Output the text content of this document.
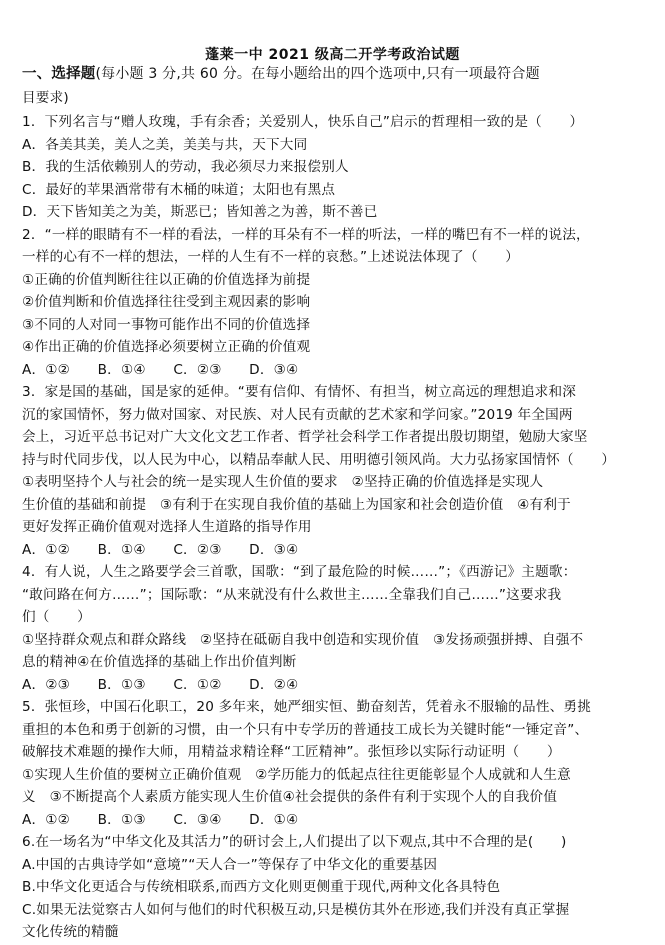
蓬莱一中 2021 级高二开学考政治试题
一、选择题(每小题 3 分,共 60 分。在每小题给出的四个选项中,只有一项最符合题
目要求)
1．下列名言与“赠人玫瑰，手有余香；关爱别人，快乐自己”启示的哲理相一致的是（　　）
A．各美其美，美人之美，美美与共，天下大同
B．我的生活依赖别人的劳动，我必须尽力来报偿别人
C．最好的苹果酒常带有木桶的味道；太阳也有黑点
D．天下皆知美之为美，斯恶已；皆知善之为善，斯不善已
2．“一样的眼睛有不一样的看法，一样的耳朵有不一样的听法，一样的嘴巴有不一样的说法，
一样的心有不一样的想法，一样的人生有不一样的哀愁。”上述说法体现了（　　）
①正确的价值判断往往以正确的价值选择为前提
②价值判断和价值选择往往受到主观因素的影响
③不同的人对同一事物可能作出不同的价值选择
④作出正确的价值选择必须要树立正确的价值观
A．①②　　B．①④　　C．②③　　D．③④
3．家是国的基础，国是家的延伸。“要有信仰、有情怀、有担当，树立高远的理想追求和深
沉的家国情怀，努力做对国家、对民族、对人民有贡献的艺术家和学问家。”2019 年全国两
会上，习近平总书记对广大文化文艺工作者、哲学社会科学工作者提出殷切期望，勉励大家坚
持与时代同步伐，以人民为中心，以精品奉献人民、用明德引领风尚。大力弘扬家国情怀（　　）
①表明坚持个人与社会的统一是实现人生价值的要求　②坚持正确的价值选择是实现人
生价值的基础和前提　③有利于在实现自我价值的基础上为国家和社会创造价值　④有利于
更好发挥正确价值观对选择人生道路的指导作用
A．①②　　B．①④　　C．②③　　D．③④
4．有人说，人生之路要学会三首歌，国歌：“到了最危险的时候……”；《西游记》主题歌：
“敢问路在何方……”；国际歌：“从来就没有什么救世主……全靠我们自己……”这要求我
们（　　）
①坚持群众观点和群众路线　②坚持在砥砺自我中创造和实现价值　③发扬顽强拼搏、自强不
息的精神④在价值选择的基础上作出价值判断
A．②③　　B．①③　　C．①②　　D．②④
5．张恒珍，中国石化职工，20 多年来，她严细实恒、勤奋刻苦，凭着永不服输的品性、勇挑
重担的本色和勇于创新的习惯，由一个只有中专学历的普通技工成长为关键时能“一锤定音”、
破解技术难题的操作大师，用精益求精诠释“工匠精神”。张恒珍以实际行动证明（　　）
①实现人生价值的要树立正确价值观　②学历能力的低起点往往更能彰显个人成就和人生意
义　③不断提高个人素质方能实现人生价值④社会提供的条件有利于实现个人的自我价值
A．①②　　B．①③　　C．③④　　D．①④
6.在一场名为“中华文化及其活力”的研讨会上,人们提出了以下观点,其中不合理的是(　　)
A.中国的古典诗学如“意境”“天人合一”等保存了中华文化的重要基因
B.中华文化更适合与传统相联系,而西方文化则更侧重于现代,两种文化各具特色
C.如果无法觉察古人如何与他们的时代积极互动,只是模仿其外在形迹,我们并没有真正掌握
文化传统的精髓
